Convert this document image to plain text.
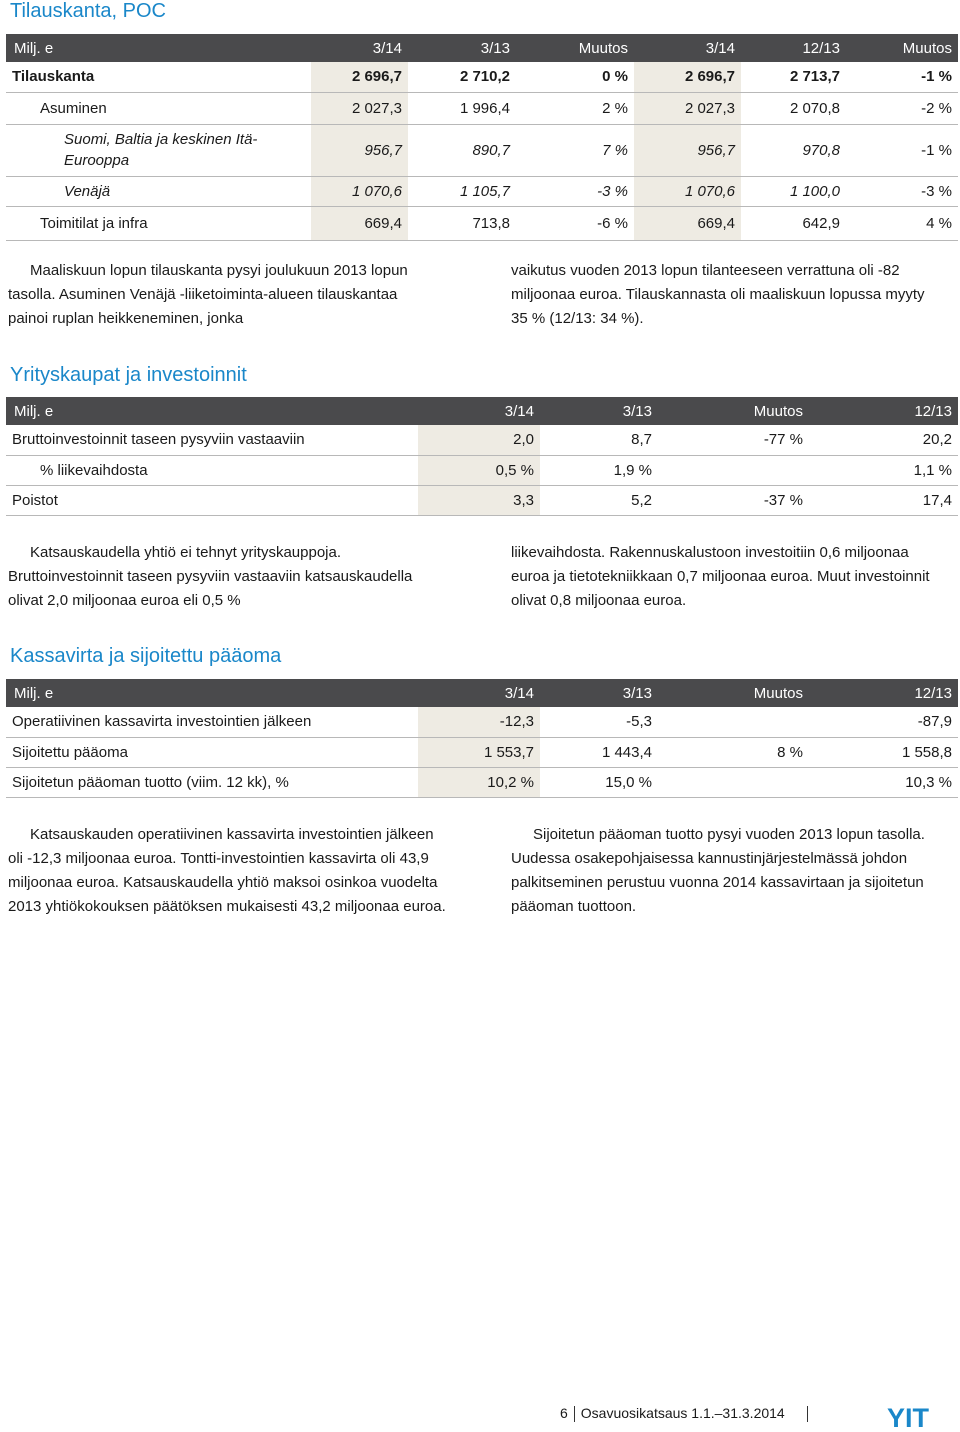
Tilauskanta, POC
Milj. e	3/14	3/13	Muutos	3/14	12/13	Muutos
Tilauskanta	2 696,7	2 710,2	0 %	2 696,7	2 713,7	-1 %
Asuminen	2 027,3	1 996,4	2 %	2 027,3	2 070,8	-2 %

Suomi, Baltia ja keskinen Itä-
Eurooppa	956,7	890,7	7 %	956,7	970,8	-1 %
Venäjä	1 070,6	1 105,7	-3 %	1 070,6	1 100,0	-3 %
Toimitilat ja infra	669,4	713,8	-6 %	669,4	642,9	4 %

Maaliskuun lopun tilauskanta pysyi joulukuun 2013 lopun tasolla. Asuminen Venäjä -liiketoiminta-alueen tilauskantaa painoi ruplan heikkeneminen, jonka

vaikutus vuoden 2013 lopun tilanteeseen verrattuna oli -82 miljoonaa euroa. Tilauskannasta oli maaliskuun lopussa myyty 35 % (12/13: 34 %).

Yrityskaupat ja investoinnit
Milj. e	3/14	3/13	Muutos	12/13
Bruttoinvestoinnit taseen pysyviin vastaaviin	2,0	8,7	-77 %	20,2
% liikevaihdosta	0,5 %	1,9 %		1,1 %
Poistot	3,3	5,2	-37 %	17,4

Katsauskaudella yhtiö ei tehnyt yrityskauppoja. Bruttoinvestoinnit taseen pysyviin vastaaviin katsauskaudella olivat 2,0 miljoonaa euroa eli 0,5 %

liikevaihdosta. Rakennuskalustoon investoitiin 0,6 miljoonaa euroa ja tietotekniikkaan 0,7 miljoonaa euroa. Muut investoinnit olivat 0,8 miljoonaa euroa.

Kassavirta ja sijoitettu pääoma
Milj. e	3/14	3/13	Muutos	12/13
Operatiivinen kassavirta investointien jälkeen	-12,3	-5,3		-87,9
Sijoitettu pääoma	1 553,7	1 443,4	8 %	1 558,8
Sijoitetun pääoman tuotto (viim. 12 kk), %	10,2 %	15,0 %		10,3 %

Katsauskauden operatiivinen kassavirta investointien jälkeen oli -12,3 miljoonaa euroa. Tontti-investointien kassavirta oli 43,9 miljoonaa euroa. Katsauskaudella yhtiö maksoi osinkoa vuodelta 2013 yhtiökokouksen päätöksen mukaisesti 43,2 miljoonaa euroa.

Sijoitetun pääoman tuotto pysyi vuoden 2013 lopun tasolla. Uudessa osakepohjaisessa kannustinjärjestelmässä johdon palkitseminen perustuu vuonna 2014 kassavirtaan ja sijoitetun pääoman tuottoon.

6 Osavuosikatsaus 1.1.–31.3.2014	YIT
